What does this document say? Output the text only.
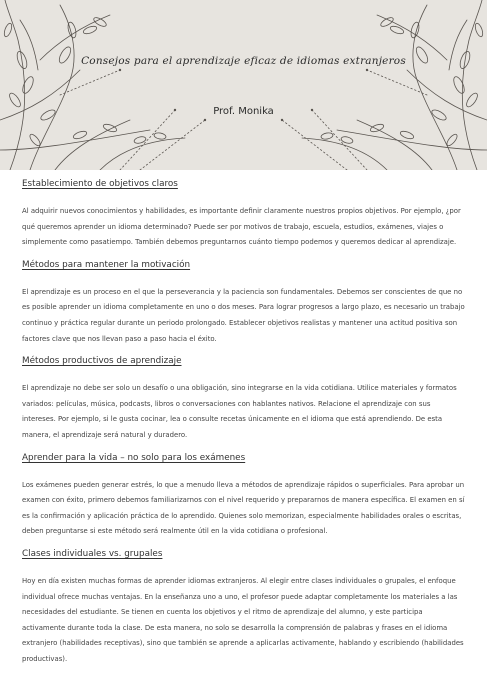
Consejos para el aprendizaje eficaz de idiomas extranjeros
Prof. Monika
Establecimiento de objetivos claros

Al adquirir nuevos conocimientos y habilidades, es importante definir claramente nuestros propios objetivos. Por ejemplo, ¿por qué queremos aprender un idioma determinado? Puede ser por motivos de trabajo, escuela, estudios, exámenes, viajes o simplemente como pasatiempo. También debemos preguntarnos cuánto tiempo podemos y queremos dedicar al aprendizaje.

Métodos para mantener la motivación

El aprendizaje es un proceso en el que la perseverancia y la paciencia son fundamentales. Debemos ser conscientes de que no es posible aprender un idioma completamente en uno o dos meses. Para lograr progresos a largo plazo, es necesario un trabajo continuo y práctica regular durante un periodo prolongado. Establecer objetivos realistas y mantener una actitud positiva son factores clave que nos llevan paso a paso hacia el éxito.

Métodos productivos de aprendizaje

El aprendizaje no debe ser solo un desafío o una obligación, sino integrarse en la vida cotidiana. Utilice materiales y formatos variados: películas, música, podcasts, libros o conversaciones con hablantes nativos. Relacione el aprendizaje con sus intereses. Por ejemplo, si le gusta cocinar, lea o consulte recetas únicamente en el idioma que está aprendiendo. De esta manera, el aprendizaje será natural y duradero.

Aprender para la vida – no solo para los exámenes

Los exámenes pueden generar estrés, lo que a menudo lleva a métodos de aprendizaje rápidos o superficiales. Para aprobar un examen con éxito, primero debemos familiarizarnos con el nivel requerido y prepararnos de manera específica. El examen en sí es la confirmación y aplicación práctica de lo aprendido. Quienes solo memorizan, especialmente habilidades orales o escritas, deben preguntarse si este método será realmente útil en la vida cotidiana o profesional.

Clases individuales vs. grupales

Hoy en día existen muchas formas de aprender idiomas extranjeros. Al elegir entre clases individuales o grupales, el enfoque individual ofrece muchas ventajas. En la enseñanza uno a uno, el profesor puede adaptar completamente los materiales a las necesidades del estudiante. Se tienen en cuenta los objetivos y el ritmo de aprendizaje del alumno, y este participa activamente durante toda la clase. De esta manera, no solo se desarrolla la comprensión de palabras y frases en el idioma extranjero (habilidades receptivas), sino que también se aprende a aplicarlas activamente, hablando y escribiendo (habilidades productivas).
